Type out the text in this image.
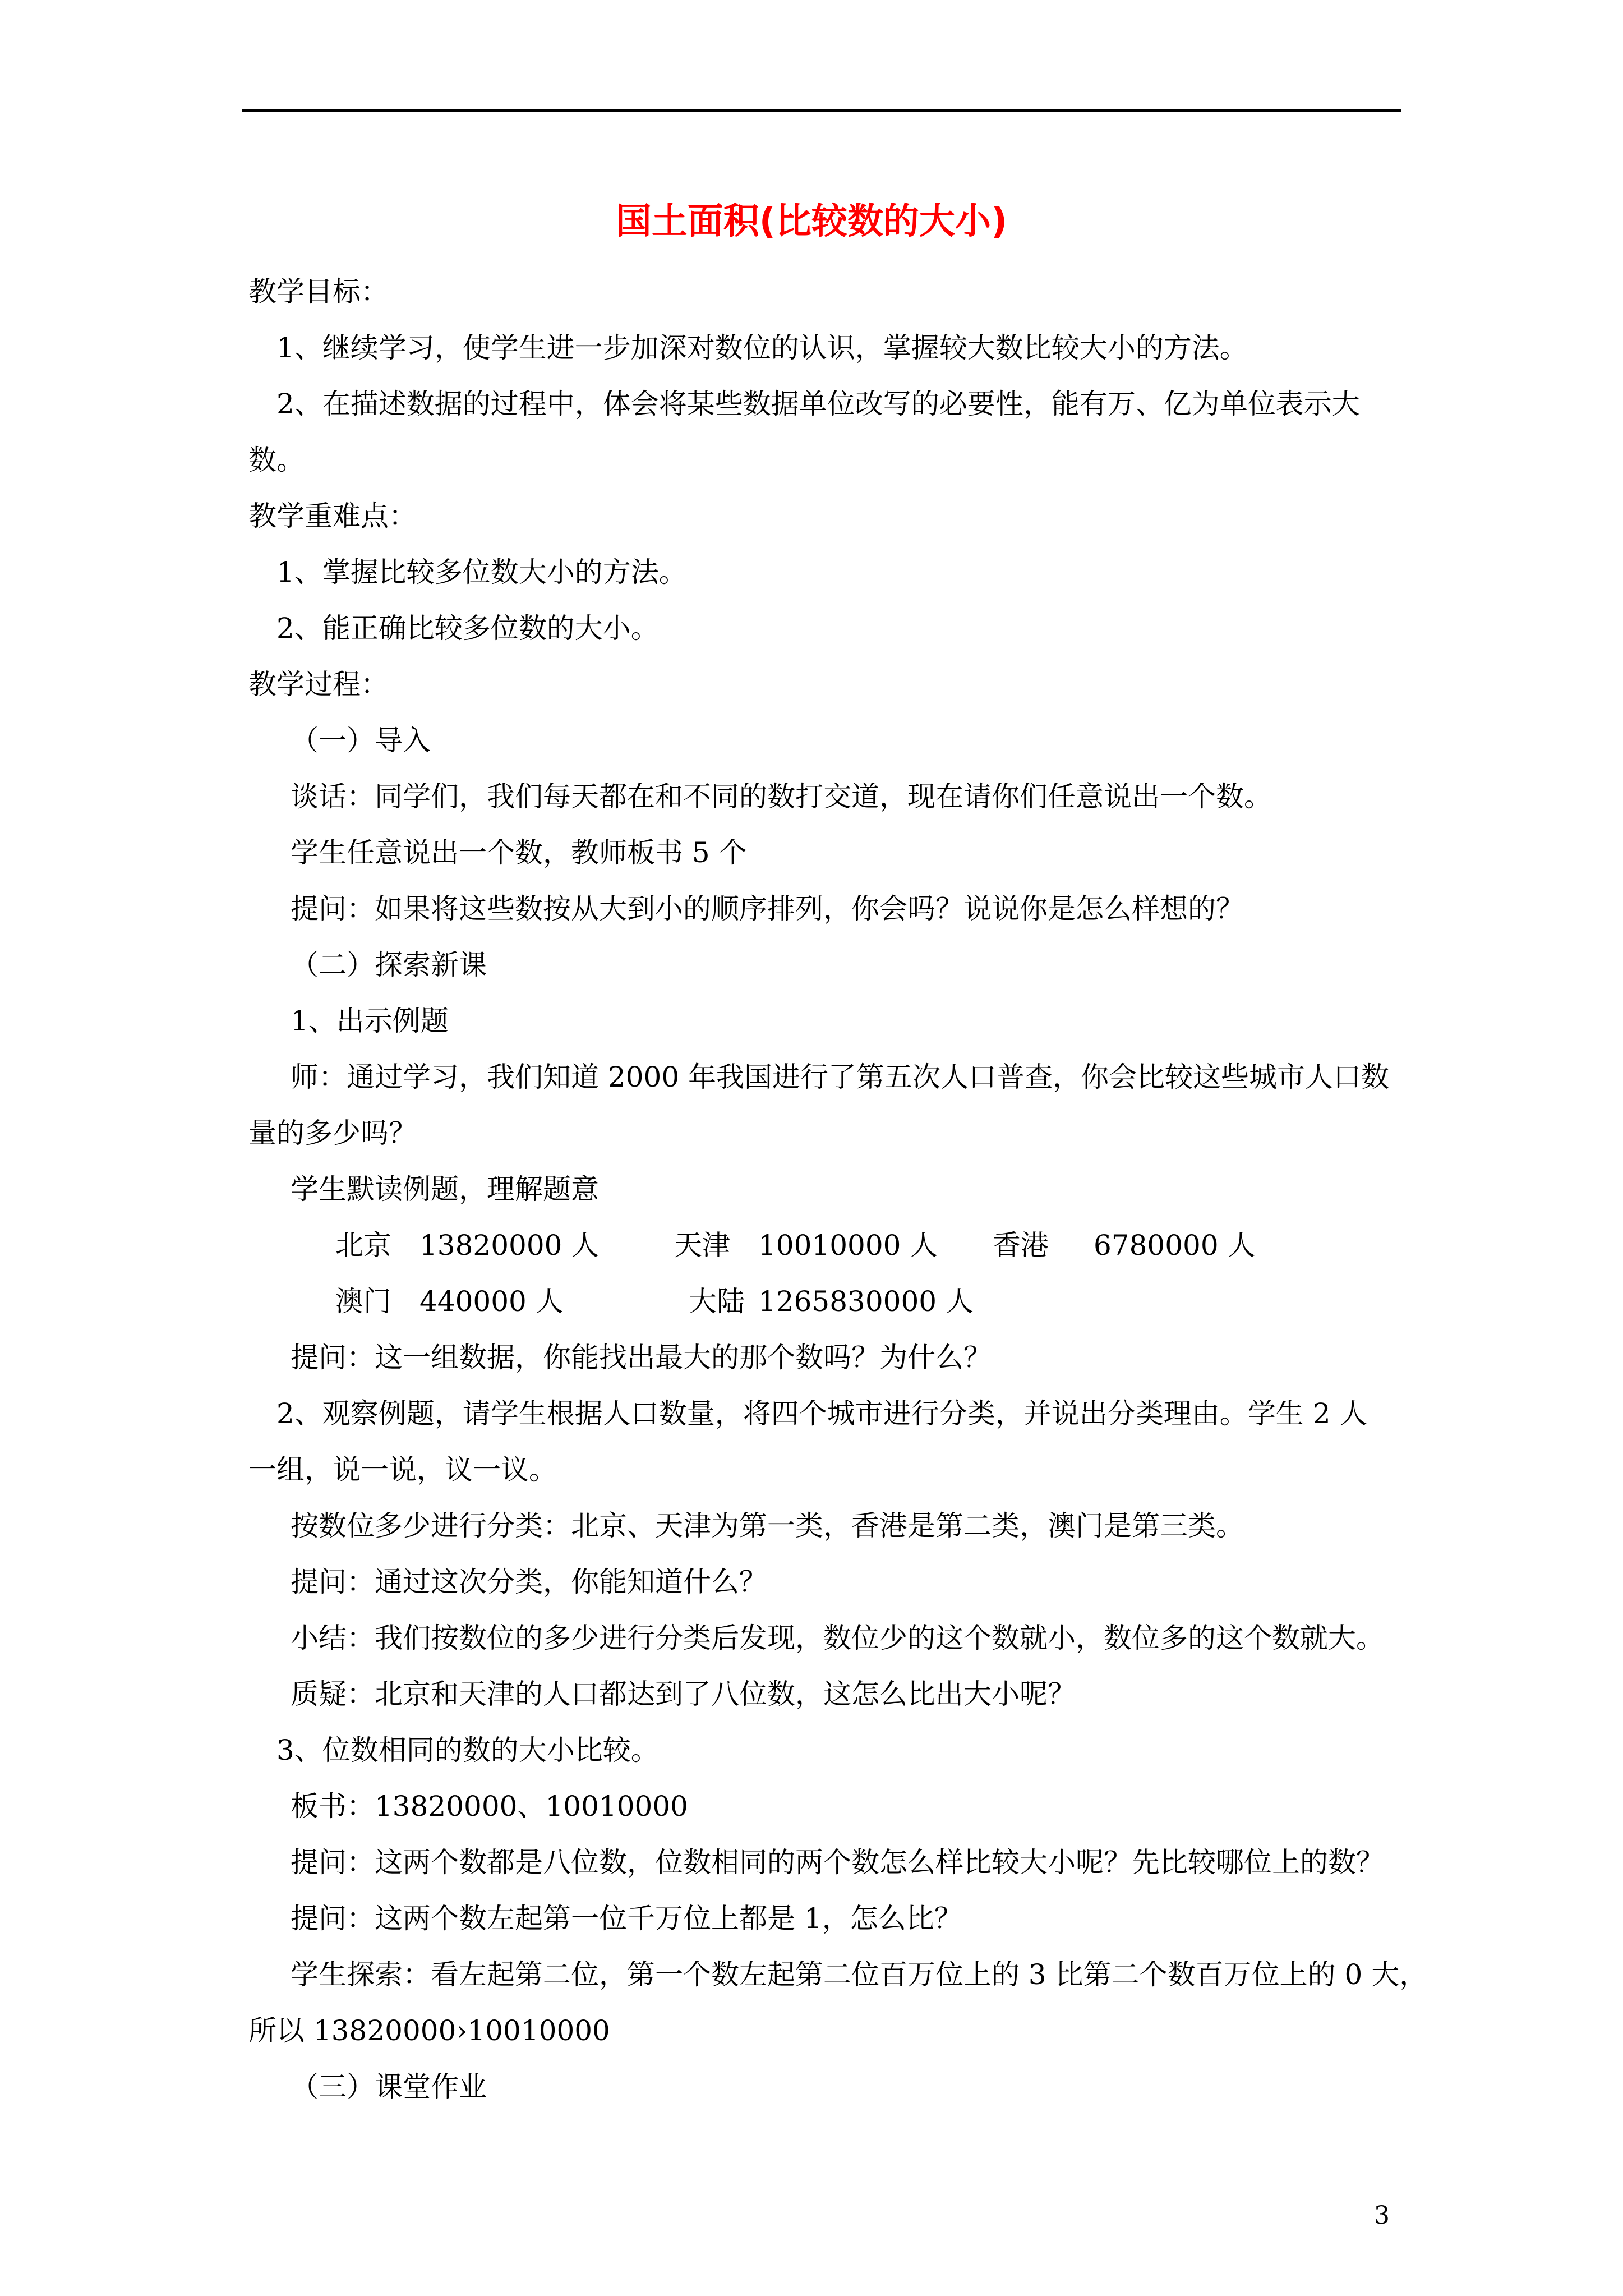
国土面积(比较数的大小)
教学目标：
1、继续学习，使学生进一步加深对数位的认识，掌握较大数比较大小的方法。
2、在描述数据的过程中，体会将某些数据单位改写的必要性，能有万、亿为单位表示大
数。
教学重难点：
1、掌握比较多位数大小的方法。
2、能正确比较多位数的大小。
教学过程：
（一）导入
谈话：同学们，我们每天都在和不同的数打交道，现在请你们任意说出一个数。
学生任意说出一个数，教师板书 5 个
提问：如果将这些数按从大到小的顺序排列，你会吗？说说你是怎么样想的？
（二）探索新课
1、出示例题
师：通过学习，我们知道 2000 年我国进行了第五次人口普查，你会比较这些城市人口数
量的多少吗？
学生默读例题，理解题意
北京 13820000 人	天津 10010000 人 香港 6780000 人
澳门 440000 人	大陆 1265830000 人
提问：这一组数据，你能找出最大的那个数吗？为什么？
2、观察例题，请学生根据人口数量，将四个城市进行分类，并说出分类理由。学生 2 人
一组，说一说，议一议。
按数位多少进行分类：北京、天津为第一类，香港是第二类，澳门是第三类。
提问：通过这次分类，你能知道什么？
小结：我们按数位的多少进行分类后发现，数位少的这个数就小，数位多的这个数就大。
质疑：北京和天津的人口都达到了八位数，这怎么比出大小呢？
3、位数相同的数的大小比较。
板书：13820000、10010000
提问：这两个数都是八位数，位数相同的两个数怎么样比较大小呢？先比较哪位上的数？
提问：这两个数左起第一位千万位上都是 1，怎么比？
学生探索：看左起第二位，第一个数左起第二位百万位上的 3 比第二个数百万位上的 0 大，
所以 13820000›10010000
（三）课堂作业
3
